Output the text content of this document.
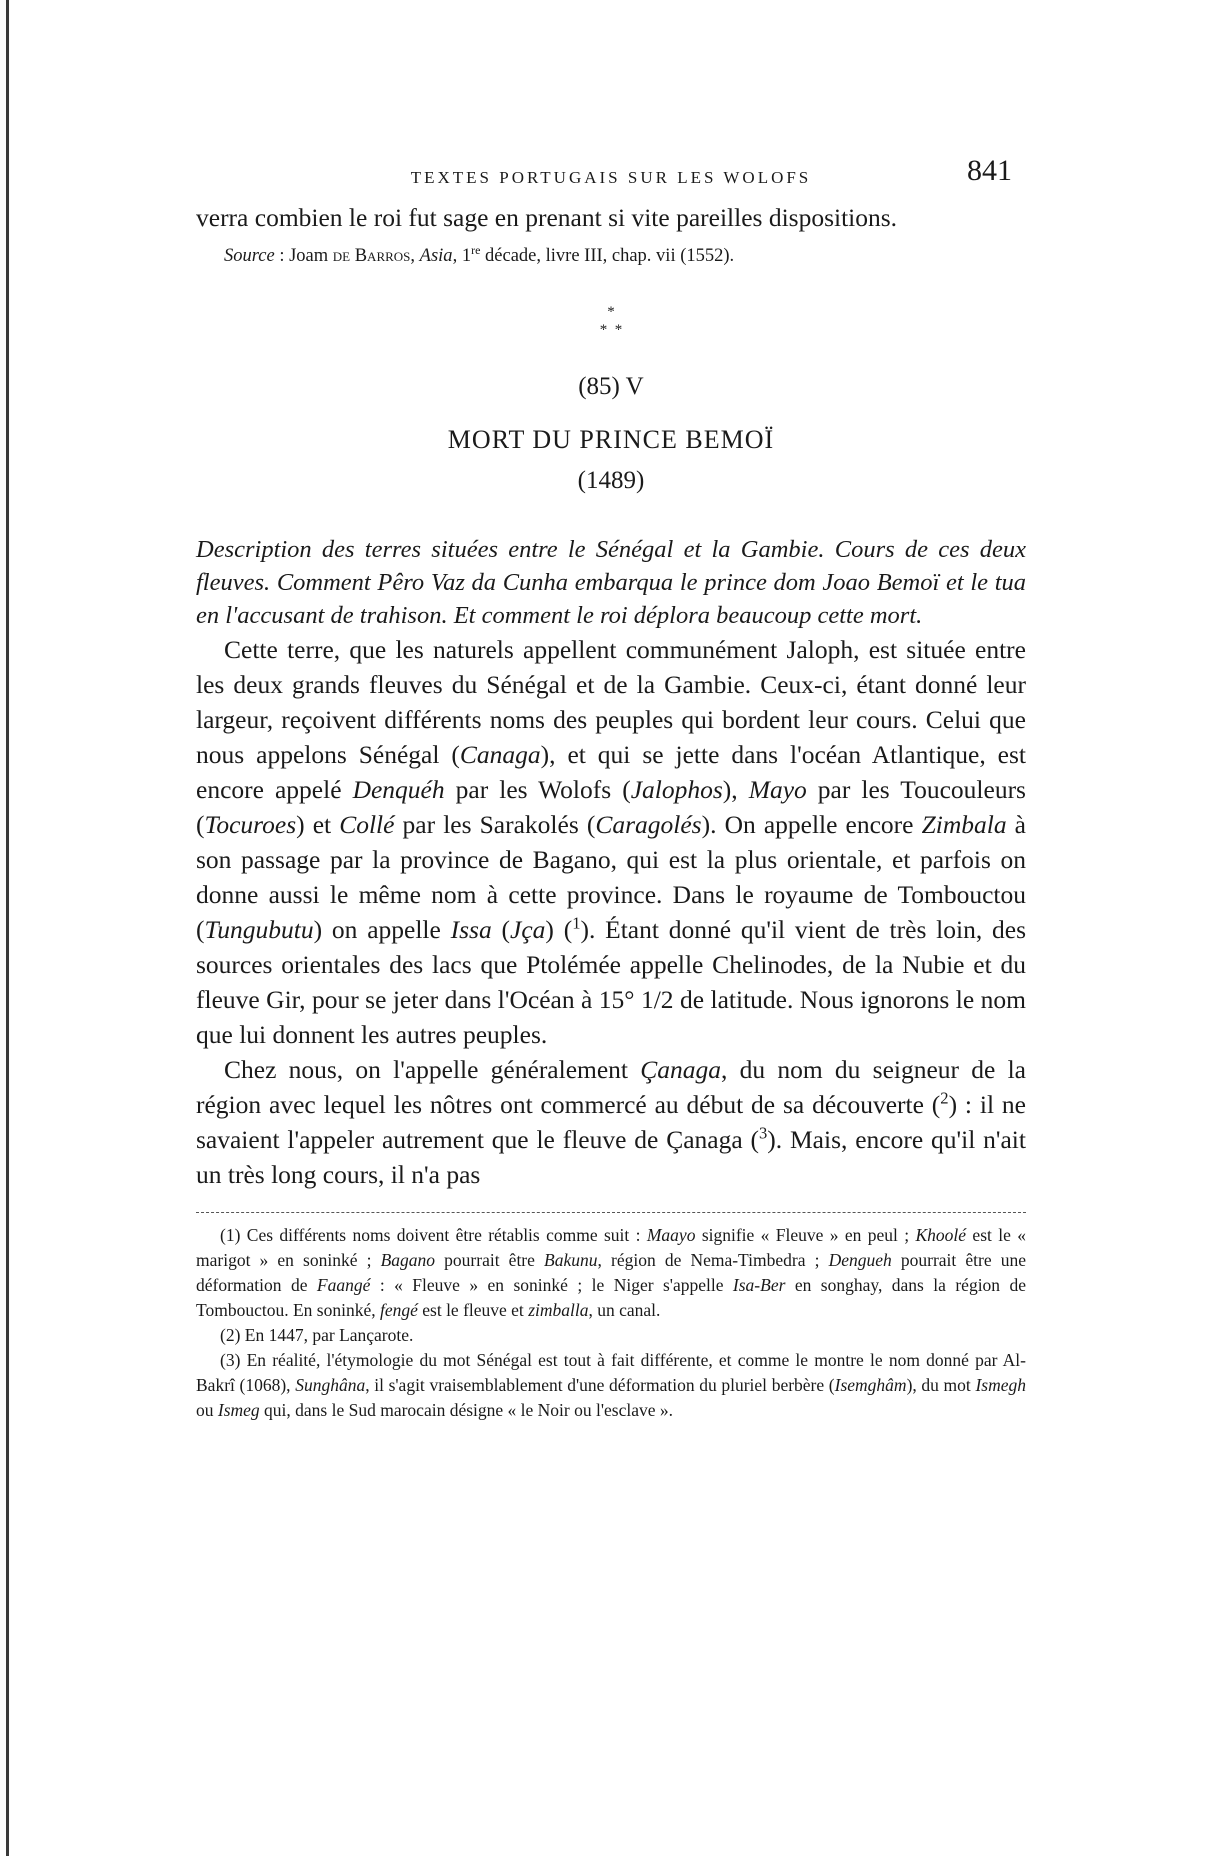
TEXTES PORTUGAIS SUR LES WOLOFS	841

verra combien le roi fut sage en prenant si vite pareilles dispositions.

Source : Joam de Barros, Asia, 1re décade, livre III, chap. vii (1552).
*
*  *
(85) V
MORT DU PRINCE BEMOÏ
(1489)
Description des terres situées entre le Sénégal et la Gambie. Cours de ces deux fleuves. Comment Pêro Vaz da Cunha embarqua le prince dom Joao Bemoï et le tua en l'accusant de trahison. Et comment le roi déplora beaucoup cette mort.

Cette terre, que les naturels appellent communément Jaloph, est située entre les deux grands fleuves du Sénégal et de la Gambie. Ceux-ci, étant donné leur largeur, reçoivent différents noms des peuples qui bordent leur cours. Celui que nous appelons Sénégal (Canaga), et qui se jette dans l'océan Atlantique, est encore appelé Denquéh par les Wolofs (Jalophos), Mayo par les Toucouleurs (Tocuroes) et Collé par les Sarakolés (Caragolés). On appelle encore Zimbala à son passage par la province de Bagano, qui est la plus orientale, et parfois on donne aussi le même nom à cette province. Dans le royaume de Tombouctou (Tungubutu) on appelle Issa (Jça) ($^1$). Étant donné qu'il vient de très loin, des sources orientales des lacs que Ptolémée appelle Chelinodes, de la Nubie et du fleuve Gir, pour se jeter dans l'Océan à 15° 1/2 de latitude. Nous ignorons le nom que lui donnent les autres peuples.

Chez nous, on l'appelle généralement Çanaga, du nom du seigneur de la région avec lequel les nôtres ont commercé au début de sa découverte ($^2$) : il ne savaient l'appeler autrement que le fleuve de Çanaga ($^3$). Mais, encore qu'il n'ait un très long cours, il n'a pas

(1) Ces différents noms doivent être rétablis comme suit : Maayo signifie « Fleuve » en peul ; Khoolé est le « marigot » en soninké ; Bagano pourrait être Bakunu, région de Nema-Timbedra ; Dengueh pourrait être une déformation de Faangé : « Fleuve » en soninké ; le Niger s'appelle Isa-Ber en songhay, dans la région de Tombouctou. En soninké, fengé est le fleuve et zimballa, un canal.

(2) En 1447, par Lançarote.

(3) En réalité, l'étymologie du mot Sénégal est tout à fait différente, et comme le montre le nom donné par Al-Bakrî (1068), Sunghâna, il s'agit vraisemblablement d'une déformation du pluriel berbère (Isemghâm), du mot Ismegh ou Ismeg qui, dans le Sud marocain désigne « le Noir ou l'esclave ».
